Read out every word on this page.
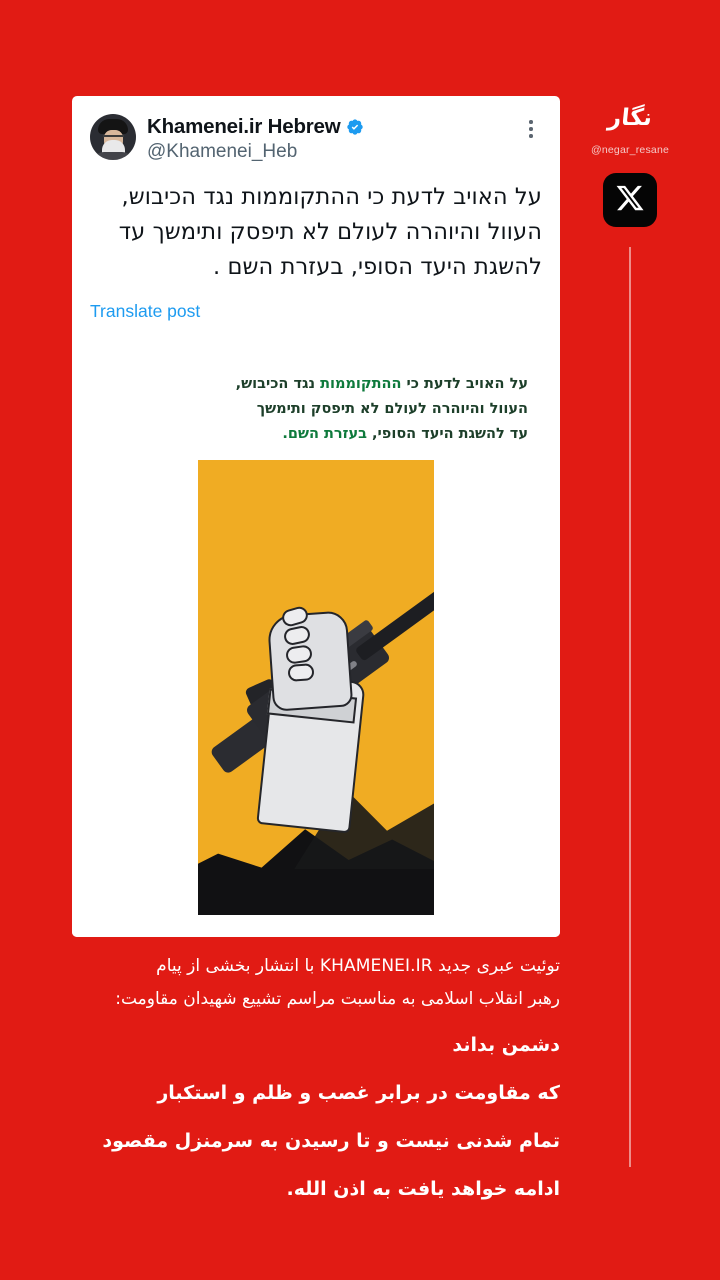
نگار
@negar_resane
Khamenei.ir Hebrew
@Khamenei_Heb
על האויב לדעת כי ההתקוממות נגד הכיבוש, העוול והיוהרה לעולם לא תיפסק ותימשך עד להשגת היעד הסופי, בעזרת השם .
Translate post
על האויב לדעת כי ההתקוממות נגד הכיבוש,
העוול והיוהרה לעולם לא תיפסק ותימשך
עד להשגת היעד הסופי, בעזרת השם.

توئیت عبری جدید KHAMENEI.IR با انتشار بخشی از پیام

رهبر انقلاب اسلامی به مناسبت مراسم تشییع شهیدان مقاومت:

دشمن بداند

که مقاومت در برابر غصب و ظلم و استکبار

تمام شدنی نیست و تا رسیدن به سرمنزل مقصود

ادامه خواهد یافت به اذن الله.
